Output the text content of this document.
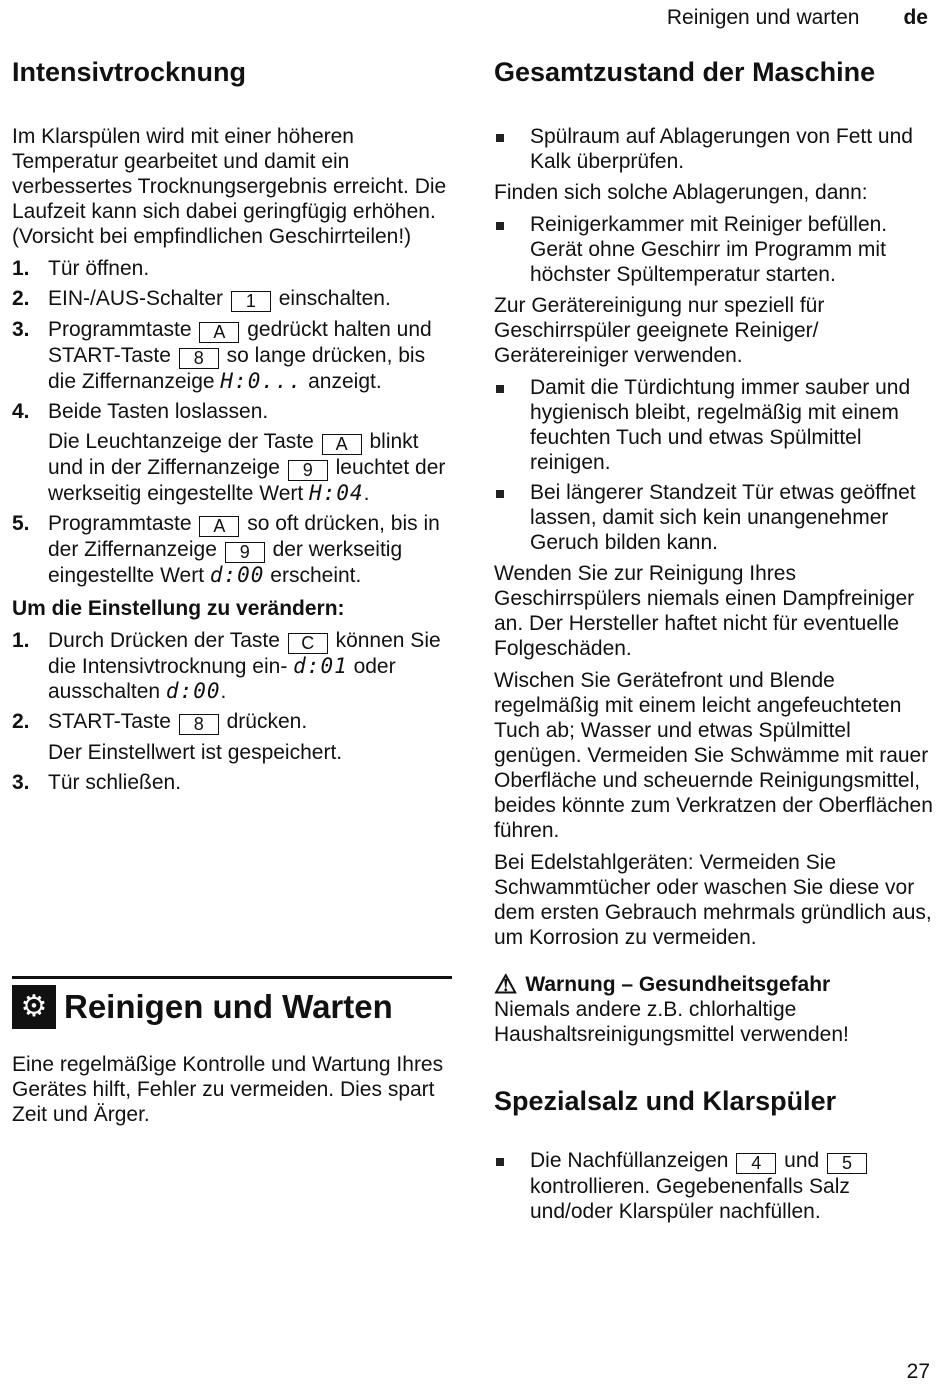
Reinigen und warten de
Intensivtrocknung

Im Klarspülen wird mit einer höheren Temperatur gearbeitet und damit ein verbessertes Trocknungsergebnis erreicht. Die Laufzeit kann sich dabei geringfügig erhöhen. (Vorsicht bei empfindlichen Geschirrteilen!)

1. Tür öffnen.
2. EIN-/AUS-Schalter 1 einschalten.
3. Programmtaste A gedrückt halten und START-Taste 8 so lange drücken, bis die Ziffernanzeige H:0... anzeigt.
4. Beide Tasten loslassen.
Die Leuchtanzeige der Taste A blinkt und in der Ziffernanzeige 9 leuchtet der werkseitig eingestellte Wert H:04.
5. Programmtaste A so oft drücken, bis in der Ziffernanzeige 9 der werkseitig eingestellte Wert d:00 erscheint.

Um die Einstellung zu verändern:

1. Durch Drücken der Taste C können Sie die Intensivtrocknung ein- d:01 oder ausschalten d:00.
2. START-Taste 8 drücken.
Der Einstellwert ist gespeichert.
3. Tür schließen.
⚙ Reinigen und Warten

Eine regelmäßige Kontrolle und Wartung Ihres Gerätes hilft, Fehler zu vermeiden. Dies spart Zeit und Ärger.

Gesamtzustand der Maschine
Spülraum auf Ablagerungen von Fett und Kalk überprüfen.

Finden sich solche Ablagerungen, dann:

Reinigerkammer mit Reiniger befüllen. Gerät ohne Geschirr im Programm mit höchster Spültemperatur starten.

Zur Gerätereinigung nur speziell für Geschirrspüler geeignete Reiniger/ Gerätereiniger verwenden.

Damit die Türdichtung immer sauber und hygienisch bleibt, regelmäßig mit einem feuchten Tuch und etwas Spülmittel reinigen.
Bei längerer Standzeit Tür etwas geöffnet lassen, damit sich kein unangenehmer Geruch bilden kann.

Wenden Sie zur Reinigung Ihres Geschirrspülers niemals einen Dampfreiniger an. Der Hersteller haftet nicht für eventuelle Folgeschäden.

Wischen Sie Gerätefront und Blende regelmäßig mit einem leicht angefeuchteten Tuch ab; Wasser und etwas Spülmittel genügen. Vermeiden Sie Schwämme mit rauer Oberfläche und scheuernde Reinigungsmittel, beides könnte zum Verkratzen der Oberflächen führen.

Bei Edelstahlgeräten: Vermeiden Sie Schwammtücher oder waschen Sie diese vor dem ersten Gebrauch mehrmals gründlich aus, um Korrosion zu vermeiden.

⚠ Warnung – Gesundheitsgefahr

Niemals andere z.B. chlorhaltige Haushaltsreinigungsmittel verwenden!

Spezialsalz und Klarspüler
Die Nachfüllanzeigen 4 und 5 kontrollieren. Gegebenenfalls Salz und/oder Klarspüler nachfüllen.
27
